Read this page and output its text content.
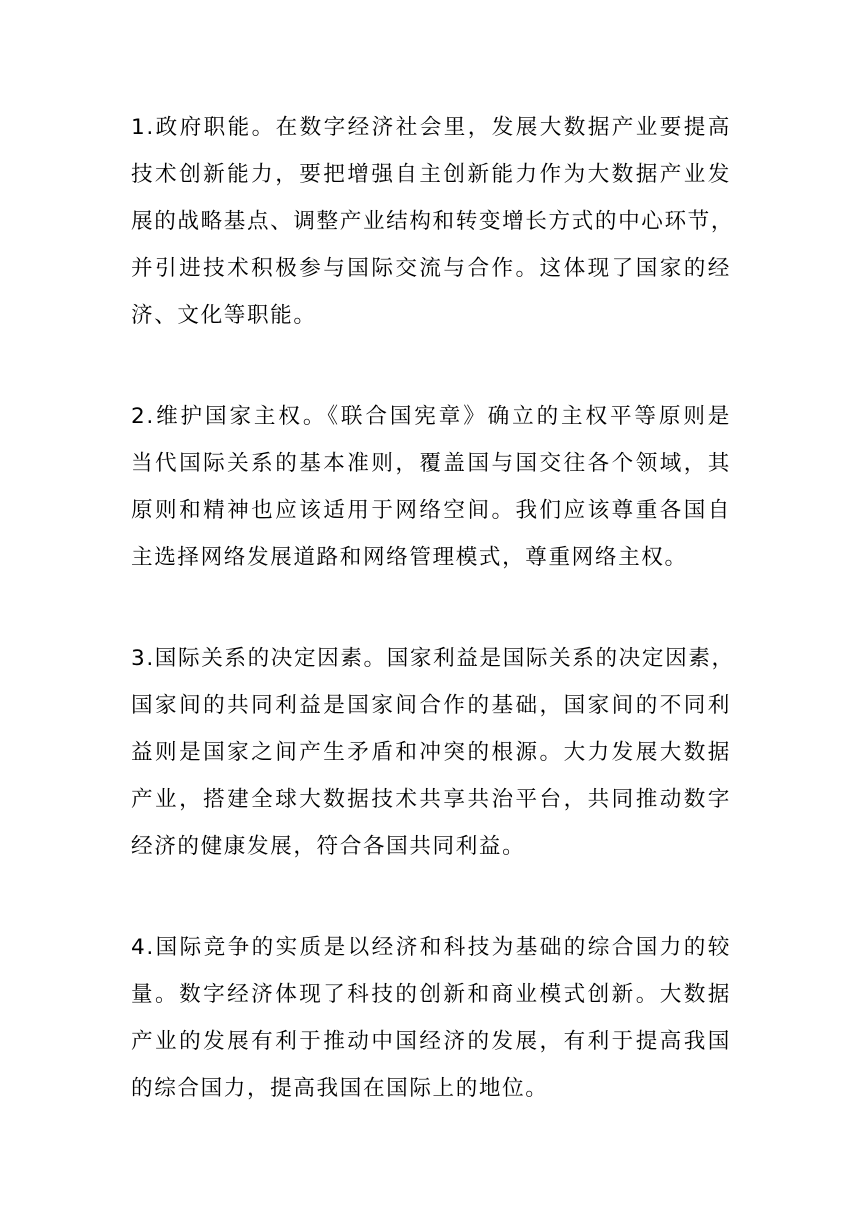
1.政府职能。在数字经济社会里，发展大数据产业要提高
技术创新能力，要把增强自主创新能力作为大数据产业发
展的战略基点、调整产业结构和转变增长方式的中心环节，
并引进技术积极参与国际交流与合作。这体现了国家的经
济、文化等职能。

2.维护国家主权。《联合国宪章》确立的主权平等原则是
当代国际关系的基本准则，覆盖国与国交往各个领域，其
原则和精神也应该适用于网络空间。我们应该尊重各国自
主选择网络发展道路和网络管理模式，尊重网络主权。

3.国际关系的决定因素。国家利益是国际关系的决定因素，
国家间的共同利益是国家间合作的基础，国家间的不同利
益则是国家之间产生矛盾和冲突的根源。大力发展大数据
产业，搭建全球大数据技术共享共治平台，共同推动数字
经济的健康发展，符合各国共同利益。

4.国际竞争的实质是以经济和科技为基础的综合国力的较
量。数字经济体现了科技的创新和商业模式创新。大数据
产业的发展有利于推动中国经济的发展，有利于提高我国
的综合国力，提高我国在国际上的地位。
